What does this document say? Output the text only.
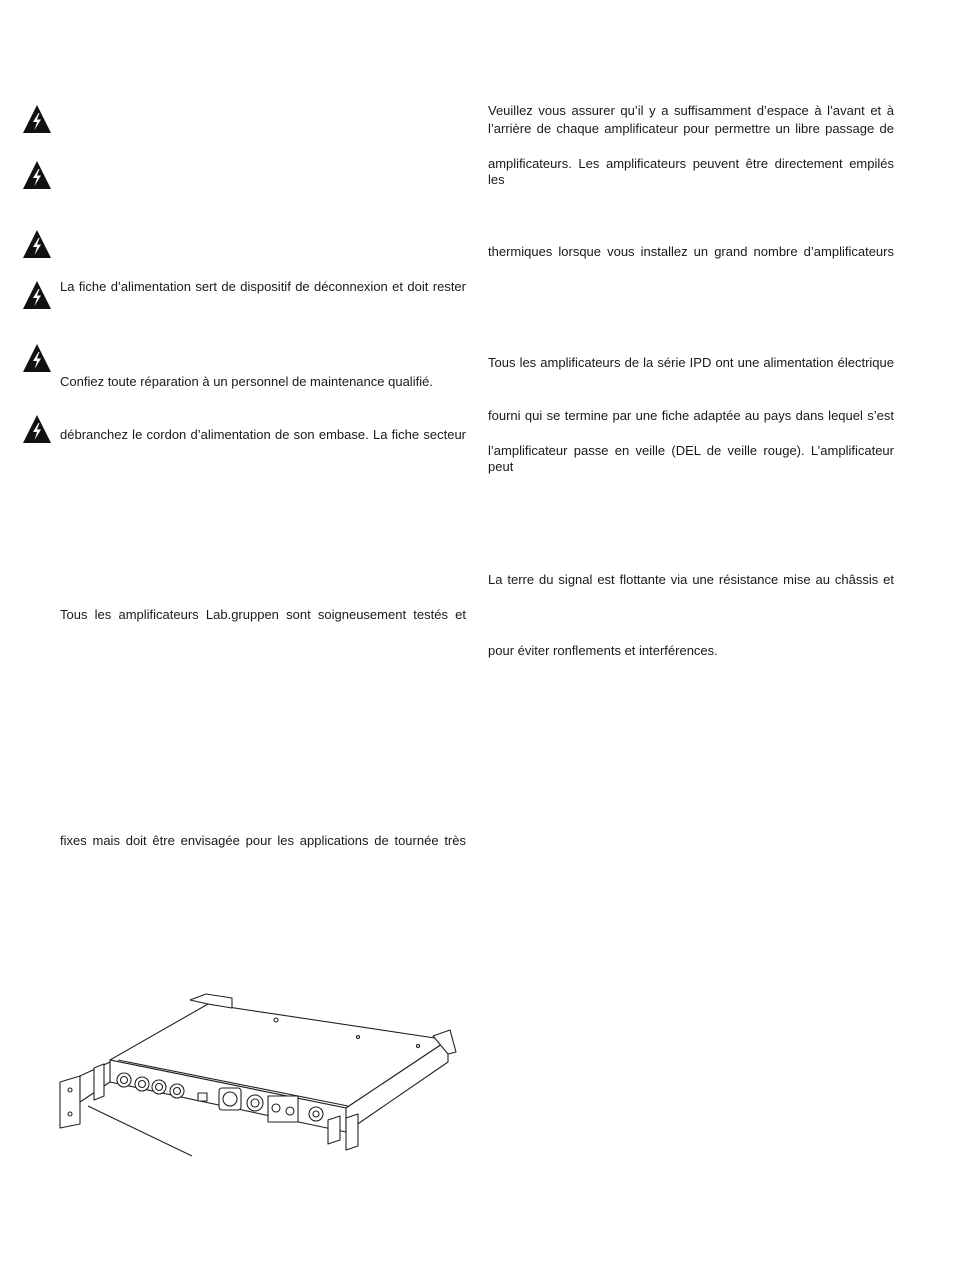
La fiche d’alimentation sert de dispositif de déconnexion et doit rester
Confiez toute réparation à un personnel de maintenance qualifié.
débranchez le cordon d’alimentation de son embase. La fiche secteur
Tous les amplificateurs Lab.gruppen sont soigneusement testés et
fixes mais doit être envisagée pour les applications de tournée très
Veuillez vous assurer qu’il y a suffisamment d’espace à l’avant et à
l’arrière de chaque amplificateur pour permettre un libre passage de
amplificateurs. Les amplificateurs peuvent être directement empilés les
thermiques lorsque vous installez un grand nombre d’amplificateurs
Tous les amplificateurs de la série IPD ont une alimentation électrique
fourni qui se termine par une fiche adaptée au pays dans lequel s’est
l’amplificateur passe en veille (DEL de veille rouge). L’amplificateur peut
La terre du signal est flottante via une résistance mise au châssis et
pour éviter ronflements et interférences.
